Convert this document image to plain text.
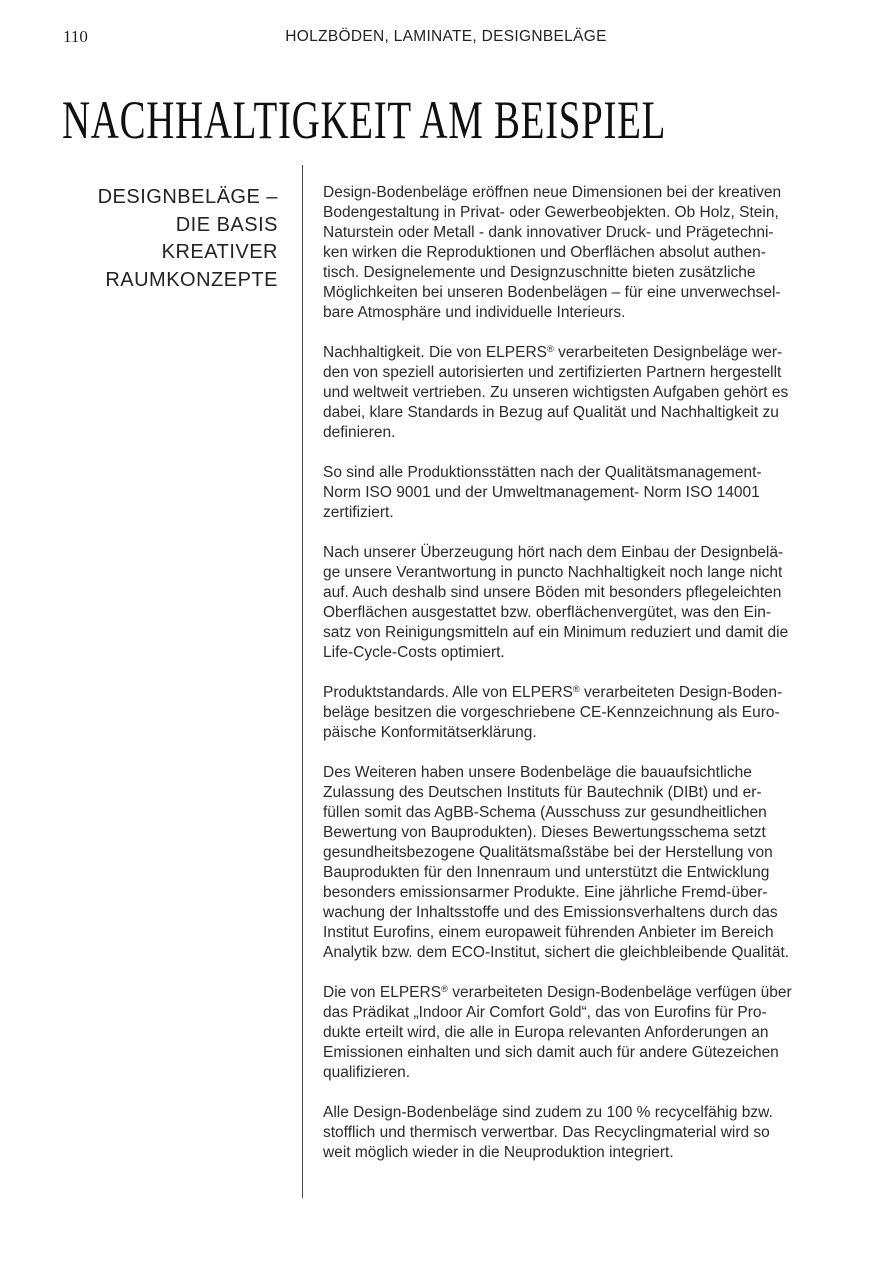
110	HOLZBÖDEN, LAMINATE, DESIGNBELÄGE
NACHHALTIGKEIT AM BEISPIEL
DESIGNBELÄGE –
DIE BASIS
KREATIVER
RAUMKONZEPTE

Design-Bodenbeläge eröffnen neue Dimensionen bei der kreativen
Bodengestaltung in Privat- oder Gewerbeobjekten. Ob Holz, Stein,
Naturstein oder Metall - dank innovativer Druck- und Prägetechni-
ken wirken die Reproduktionen und Oberflächen absolut authen-
tisch. Designelemente und Designzuschnitte bieten zusätzliche
Möglichkeiten bei unseren Bodenbelägen – für eine unverwechsel-
bare Atmosphäre und individuelle Interieurs.

Nachhaltigkeit. Die von ELPERS® verarbeiteten Designbeläge wer-
den von speziell autorisierten und zertifizierten Partnern hergestellt
und weltweit vertrieben. Zu unseren wichtigsten Aufgaben gehört es
dabei, klare Standards in Bezug auf Qualität und Nachhaltigkeit zu
definieren.

So sind alle Produktionsstätten nach der Qualitätsmanagement-
Norm ISO 9001 und der Umweltmanagement- Norm ISO 14001
zertifiziert.

Nach unserer Überzeugung hört nach dem Einbau der Designbelä-
ge unsere Verantwortung in puncto Nachhaltigkeit noch lange nicht
auf. Auch deshalb sind unsere Böden mit besonders pflegeleichten
Oberflächen ausgestattet bzw. oberflächenvergütet, was den Ein-
satz von Reinigungsmitteln auf ein Minimum reduziert und damit die
Life-Cycle-Costs optimiert.

Produktstandards. Alle von ELPERS® verarbeiteten Design-Boden-
beläge besitzen die vorgeschriebene CE-Kennzeichnung als Euro-
päische Konformitätserklärung.

Des Weiteren haben unsere Bodenbeläge die bauaufsichtliche
Zulassung des Deutschen Instituts für Bautechnik (DIBt) und er-
füllen somit das AgBB-Schema (Ausschuss zur gesundheitlichen
Bewertung von Bauprodukten). Dieses Bewertungsschema setzt
gesundheitsbezogene Qualitätsmaßstäbe bei der Herstellung von
Bauprodukten für den Innenraum und unterstützt die Entwicklung
besonders emissionsarmer Produkte. Eine jährliche Fremd-über-
wachung der Inhaltsstoffe und des Emissionsverhaltens durch das
Institut Eurofins, einem europaweit führenden Anbieter im Bereich
Analytik bzw. dem ECO-Institut, sichert die gleichbleibende Qualität.

Die von ELPERS® verarbeiteten Design-Bodenbeläge verfügen über
das Prädikat „Indoor Air Comfort Gold“, das von Eurofins für Pro-
dukte erteilt wird, die alle in Europa relevanten Anforderungen an
Emissionen einhalten und sich damit auch für andere Gütezeichen
qualifizieren.

Alle Design-Bodenbeläge sind zudem zu 100 % recycelfähig bzw.
stofflich und thermisch verwertbar. Das Recyclingmaterial wird so
weit möglich wieder in die Neuproduktion integriert.
